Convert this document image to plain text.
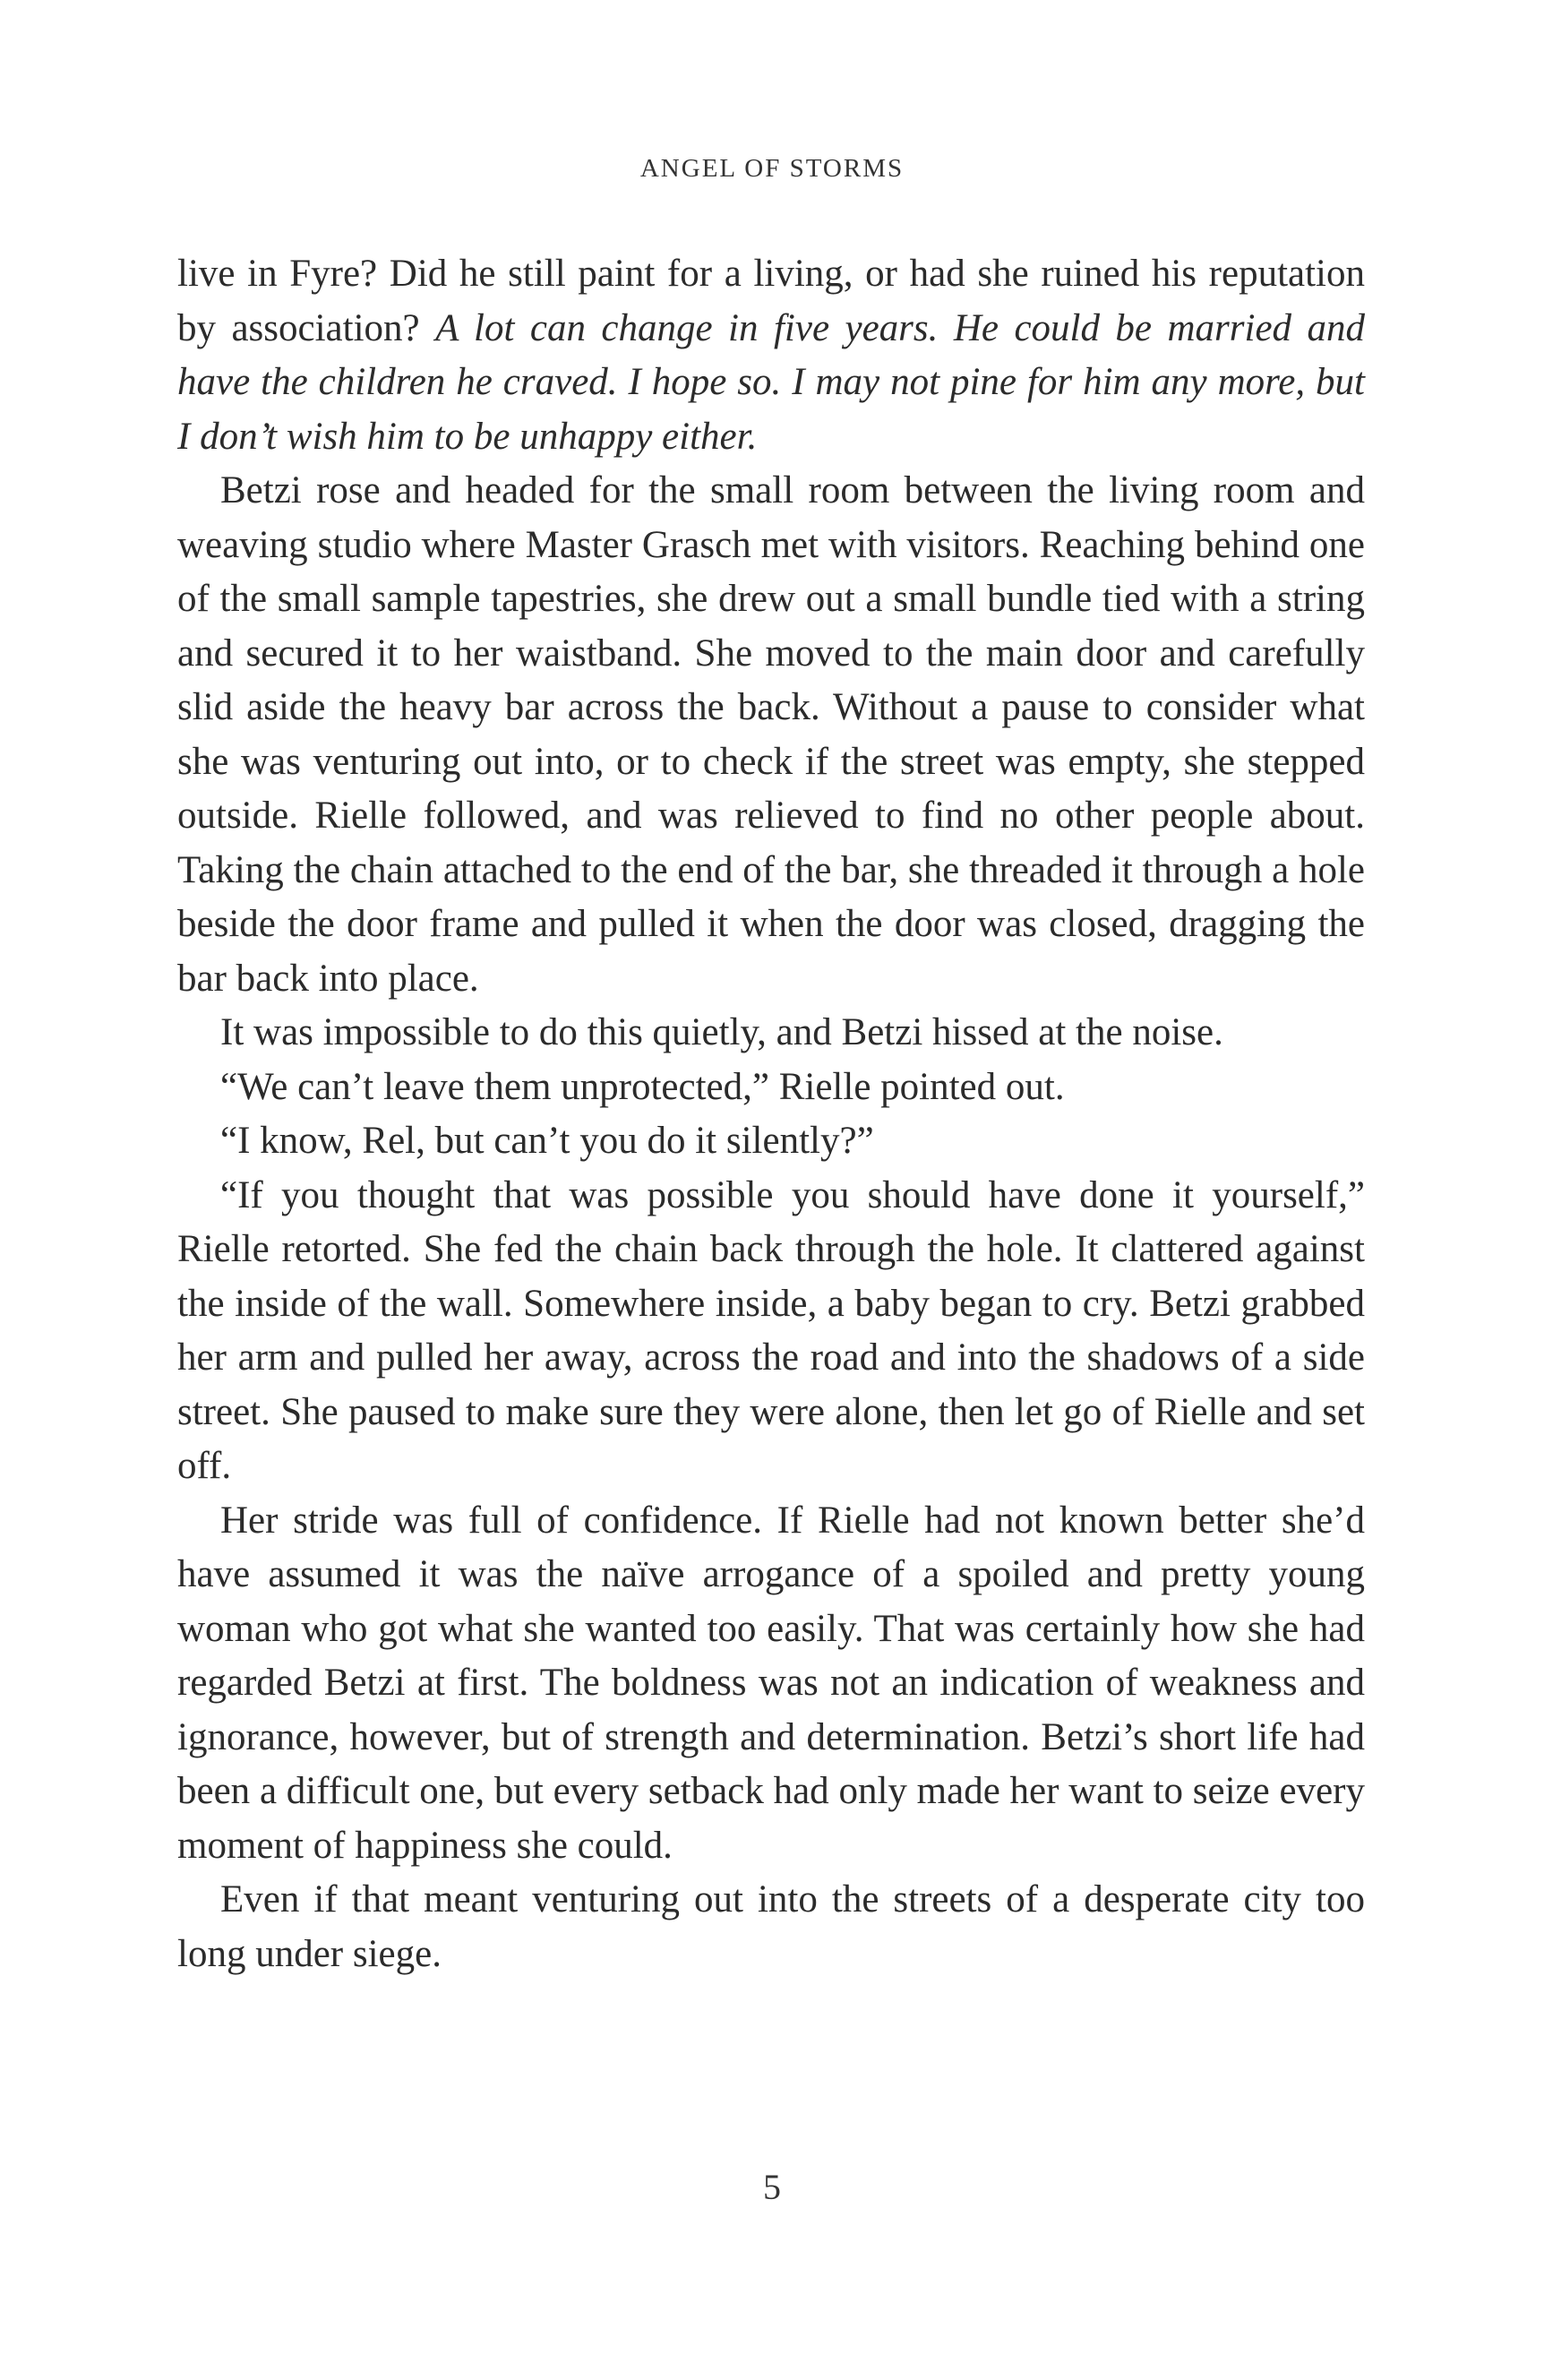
ANGEL OF STORMS

live in Fyre? Did he still paint for a living, or had she ruined his reputation by association? A lot can change in five years. He could be married and have the children he craved. I hope so. I may not pine for him any more, but I don’t wish him to be unhappy either.

Betzi rose and headed for the small room between the living room and weaving studio where Master Grasch met with visitors. Reaching behind one of the small sample tapestries, she drew out a small bundle tied with a string and secured it to her waistband. She moved to the main door and carefully slid aside the heavy bar across the back. Without a pause to consider what she was venturing out into, or to check if the street was empty, she stepped outside. Rielle followed, and was relieved to find no other people about. Taking the chain attached to the end of the bar, she threaded it through a hole beside the door frame and pulled it when the door was closed, dragging the bar back into place.

It was impossible to do this quietly, and Betzi hissed at the noise.

“We can’t leave them unprotected,” Rielle pointed out.

“I know, Rel, but can’t you do it silently?”

“If you thought that was possible you should have done it yourself,” Rielle retorted. She fed the chain back through the hole. It clattered against the inside of the wall. Somewhere inside, a baby began to cry. Betzi grabbed her arm and pulled her away, across the road and into the shadows of a side street. She paused to make sure they were alone, then let go of Rielle and set off.

Her stride was full of confidence. If Rielle had not known better she’d have assumed it was the naïve arrogance of a spoiled and pretty young woman who got what she wanted too easily. That was certainly how she had regarded Betzi at first. The boldness was not an indication of weakness and ignorance, however, but of strength and determination. Betzi’s short life had been a difficult one, but every setback had only made her want to seize every moment of happiness she could.

Even if that meant venturing out into the streets of a desperate city too long under siege.

5
